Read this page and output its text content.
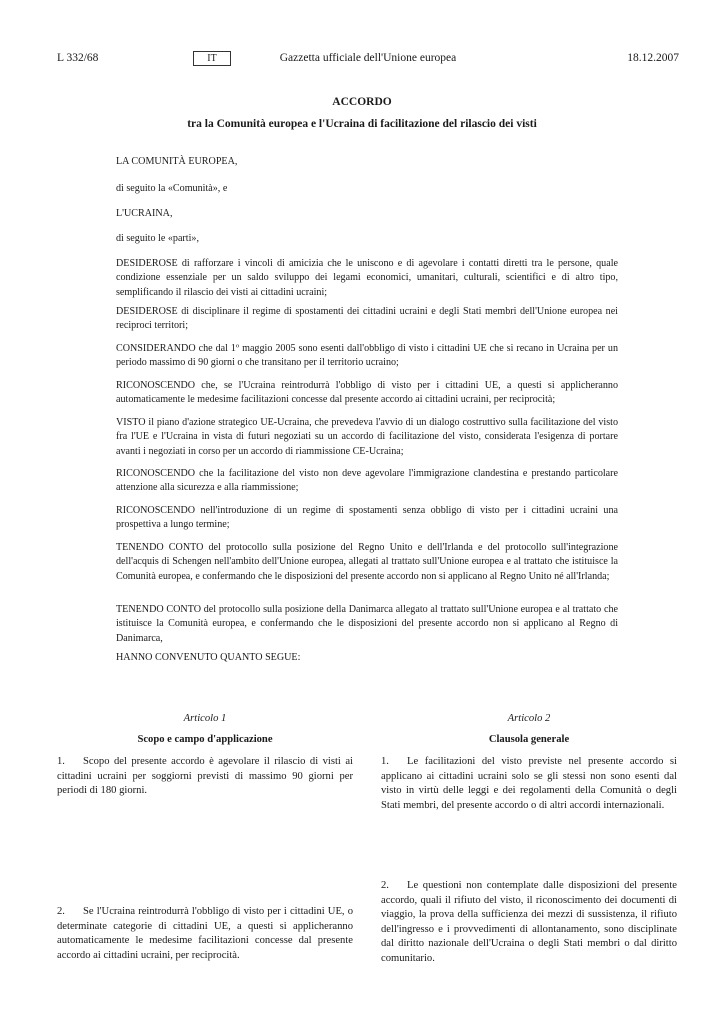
L 332/68	IT	Gazzetta ufficiale dell'Unione europea	18.12.2007
ACCORDO
tra la Comunità europea e l'Ucraina di facilitazione del rilascio dei visti

LA COMUNITÀ EUROPEA,

di seguito la «Comunità», e

L'UCRAINA,

di seguito le «parti»,

DESIDEROSE di rafforzare i vincoli di amicizia che le uniscono e di agevolare i contatti diretti tra le persone, quale condizione essenziale per un saldo sviluppo dei legami economici, umanitari, culturali, scientifici e di altro tipo, semplificando il rilascio dei visti ai cittadini ucraini;

DESIDEROSE di disciplinare il regime di spostamenti dei cittadini ucraini e degli Stati membri dell'Unione europea nei reciproci territori;

CONSIDERANDO che dal 1º maggio 2005 sono esenti dall'obbligo di visto i cittadini UE che si recano in Ucraina per un periodo massimo di 90 giorni o che transitano per il territorio ucraino;

RICONOSCENDO che, se l'Ucraina reintrodurrà l'obbligo di visto per i cittadini UE, a questi si applicheranno automaticamente le medesime facilitazioni concesse dal presente accordo ai cittadini ucraini, per reciprocità;

VISTO il piano d'azione strategico UE-Ucraina, che prevedeva l'avvio di un dialogo costruttivo sulla facilitazione del visto fra l'UE e l'Ucraina in vista di futuri negoziati su un accordo di facilitazione del visto, considerata l'esigenza di portare avanti i negoziati in corso per un accordo di riammissione CE-Ucraina;

RICONOSCENDO che la facilitazione del visto non deve agevolare l'immigrazione clandestina e prestando particolare attenzione alla sicurezza e alla riammissione;

RICONOSCENDO nell'introduzione di un regime di spostamenti senza obbligo di visto per i cittadini ucraini una prospettiva a lungo termine;

TENENDO CONTO del protocollo sulla posizione del Regno Unito e dell'Irlanda e del protocollo sull'integrazione dell'acquis di Schengen nell'ambito dell'Unione europea, allegati al trattato sull'Unione europea e al trattato che istituisce la Comunità europea, e confermando che le disposizioni del presente accordo non si applicano al Regno Unito né all'Irlanda;

TENENDO CONTO del protocollo sulla posizione della Danimarca allegato al trattato sull'Unione europea e al trattato che istituisce la Comunità europea, e confermando che le disposizioni del presente accordo non si applicano al Regno di Danimarca,

HANNO CONVENUTO QUANTO SEGUE:

Articolo 1
Scopo e campo d'applicazione
1. Scopo del presente accordo è agevolare il rilascio di visti ai cittadini ucraini per soggiorni previsti di massimo 90 giorni per periodi di 180 giorni.
2. Se l'Ucraina reintrodurrà l'obbligo di visto per i cittadini UE, o determinate categorie di cittadini UE, a questi si applicheranno automaticamente le medesime facilitazioni concesse dal presente accordo ai cittadini ucraini, per reciprocità.
Articolo 2
Clausola generale
1. Le facilitazioni del visto previste nel presente accordo si applicano ai cittadini ucraini solo se gli stessi non sono esenti dal visto in virtù delle leggi e dei regolamenti della Comunità o degli Stati membri, del presente accordo o di altri accordi internazionali.
2. Le questioni non contemplate dalle disposizioni del presente accordo, quali il rifiuto del visto, il riconoscimento dei documenti di viaggio, la prova della sufficienza dei mezzi di sussistenza, il rifiuto dell'ingresso e i provvedimenti di allontanamento, sono disciplinate dal diritto nazionale dell'Ucraina o degli Stati membri o dal diritto comunitario.
